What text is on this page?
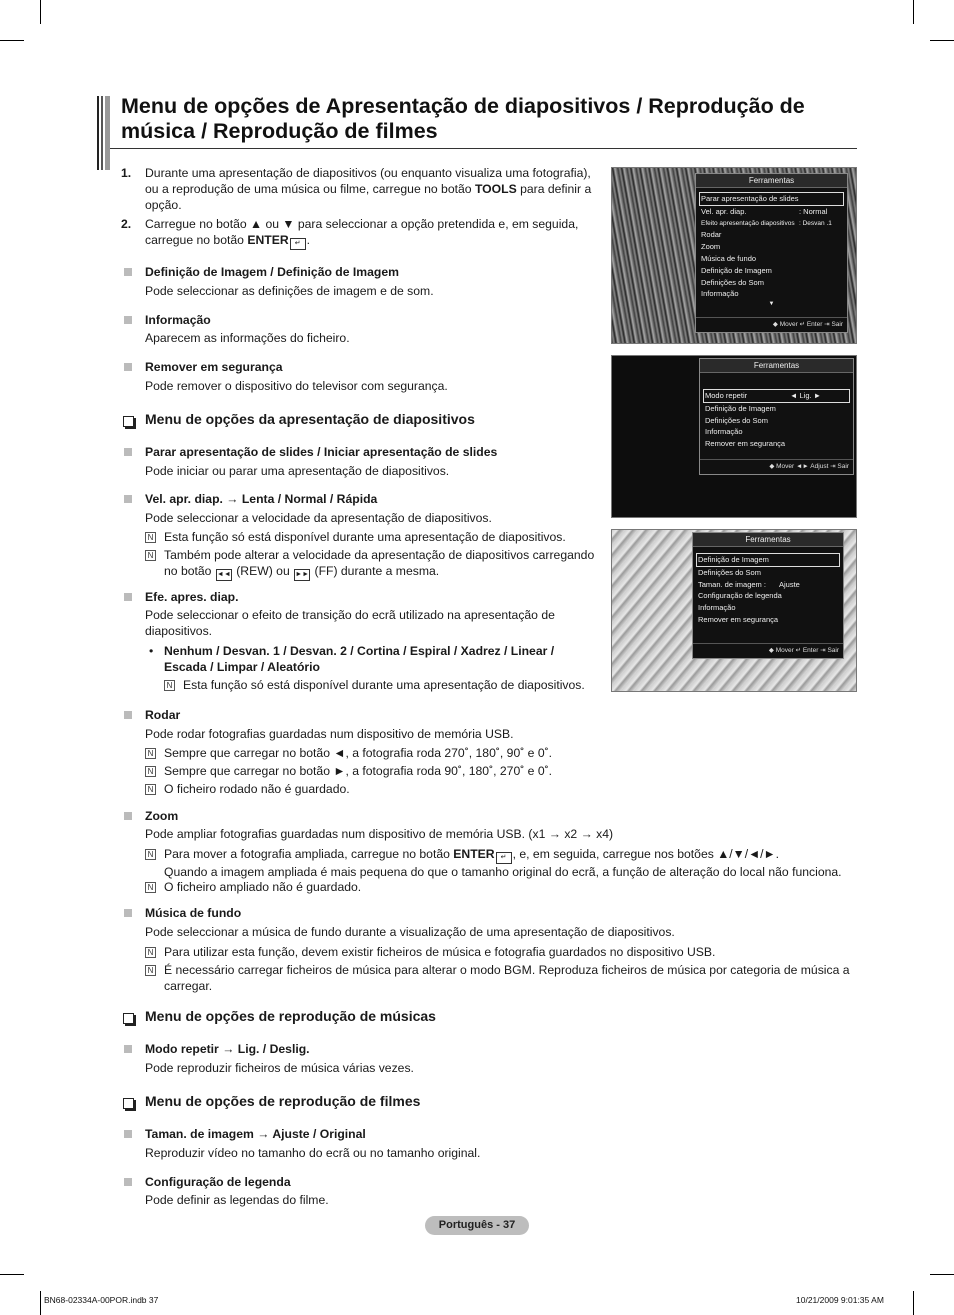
Menu de opções de Apresentação de diapositivos / Reprodução de música / Reprodução de filmes
1. Durante uma apresentação de diapositivos (ou enquanto visualiza uma fotografia), ou a reprodução de uma música ou filme, carregue no botão TOOLS para definir a opção.
2. Carregue no botão ▲ ou ▼ para seleccionar a opção pretendida e, em seguida, carregue no botão ENTER ↵ .
Definição de Imagem / Definição de Imagem
Pode seleccionar as definições de imagem e de som.
Informação
Aparecem as informações do ficheiro.
Remover em segurança
Pode remover o dispositivo do televisor com segurança.
Menu de opções da apresentação de diapositivos
Parar apresentação de slides / Iniciar apresentação de slides
Pode iniciar ou parar uma apresentação de diapositivos.
Vel. apr. diap. → Lenta / Normal / Rápida
Pode seleccionar a velocidade da apresentação de diapositivos.
N Esta função só está disponível durante uma apresentação de diapositivos.
N Também pode alterar a velocidade da apresentação de diapositivos carregando
no botão ◄◄ (REW) ou ►► (FF) durante a mesma.
Efe. apres. diap.
Pode seleccionar o efeito de transição do ecrã utilizado na apresentação de diapositivos.
• Nenhum / Desvan. 1 / Desvan. 2 / Cortina / Espiral / Xadrez / Linear / Escada / Limpar / Aleatório
N Esta função só está disponível durante uma apresentação de diapositivos.
Rodar
Pode rodar fotografias guardadas num dispositivo de memória USB.
N Sempre que carregar no botão ◄, a fotografia roda 270˚, 180˚, 90˚ e 0˚.
N Sempre que carregar no botão ►, a fotografia roda 90˚, 180˚, 270˚ e 0˚.
N O ficheiro rodado não é guardado.
Zoom
Pode ampliar fotografias guardadas num dispositivo de memória USB. (x1 → x2 → x4)
N Para mover a fotografia ampliada, carregue no botão ENTER ↵ , e, em seguida, carregue nos botões ▲/▼/◄/►.
Quando a imagem ampliada é mais pequena do que o tamanho original do ecrã, a função de alteração do local não funciona.
N O ficheiro ampliado não é guardado.
Música de fundo
Pode seleccionar a música de fundo durante a visualização de uma apresentação de diapositivos.
N Para utilizar esta função, devem existir ficheiros de música e fotografia guardados no dispositivo USB.
N É necessário carregar ficheiros de música para alterar o modo BGM. Reproduza ficheiros de música por categoria de música a carregar.
Menu de opções de reprodução de músicas
Modo repetir → Lig. / Deslig.
Pode reproduzir ficheiros de música várias vezes.
Menu de opções de reprodução de filmes
Taman. de imagem → Ajuste / Original
Reproduzir vídeo no tamanho do ecrã ou no tamanho original.
Configuração de legenda
Pode definir as legendas do filme.
Ferramentas
Parar apresentação de slides
Vel. apr. diap.	: Normal
Efeito apresentação diapositivos : Desvan .1
Rodar
Zoom
Música de fundo
Definição de Imagem
Definições do Som
Informação
▼
◆ Mover ↵ Enter ⇥ Sair
Ferramentas
Modo repetir	◄ Lig. ►
Definição de Imagem
Definições do Som
Informação
Remover em segurança
◆ Mover ◄► Adjust ⇥ Sair
Ferramentas
Definição de Imagem
Definições do Som
Taman. de imagem : Ajuste
Configuração de legenda
Informação
Remover em segurança
◆ Mover ↵ Enter ⇥ Sair
Português - 37
BN68-02334A-00POR.indb 37	10/21/2009 9:01:35 AM
